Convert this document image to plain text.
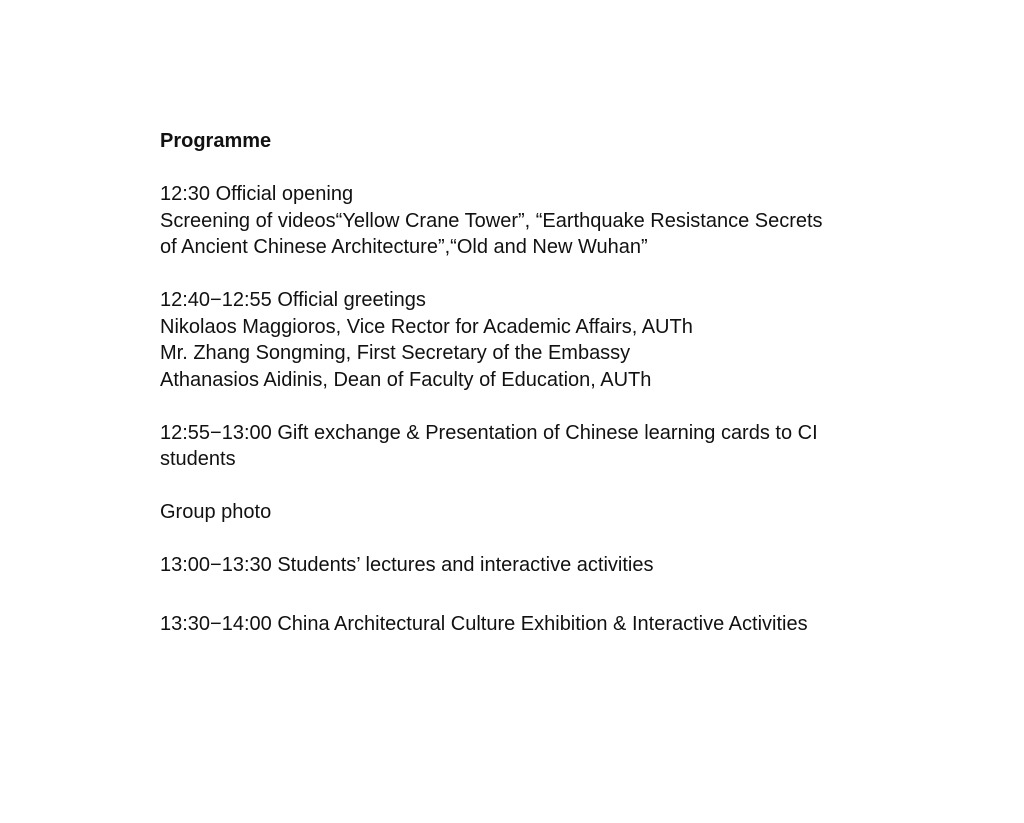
Programme
12:30 Official opening
Screening of videos“Yellow Crane Tower”, “Earthquake Resistance Secrets
of Ancient Chinese Architecture”,“Old and New Wuhan”
12:40−12:55 Official greetings
Nikolaos Maggioros, Vice Rector for Academic Affairs, AUTh
Mr. Zhang Songming, First Secretary of the Embassy
Athanasios Aidinis, Dean of Faculty of Education, AUTh
12:55−13:00 Gift exchange & Presentation of Chinese learning cards to CI
students
Group photo
13:00−13:30 Students’ lectures and interactive activities
13:30−14:00 China Architectural Culture Exhibition & Interactive Activities
